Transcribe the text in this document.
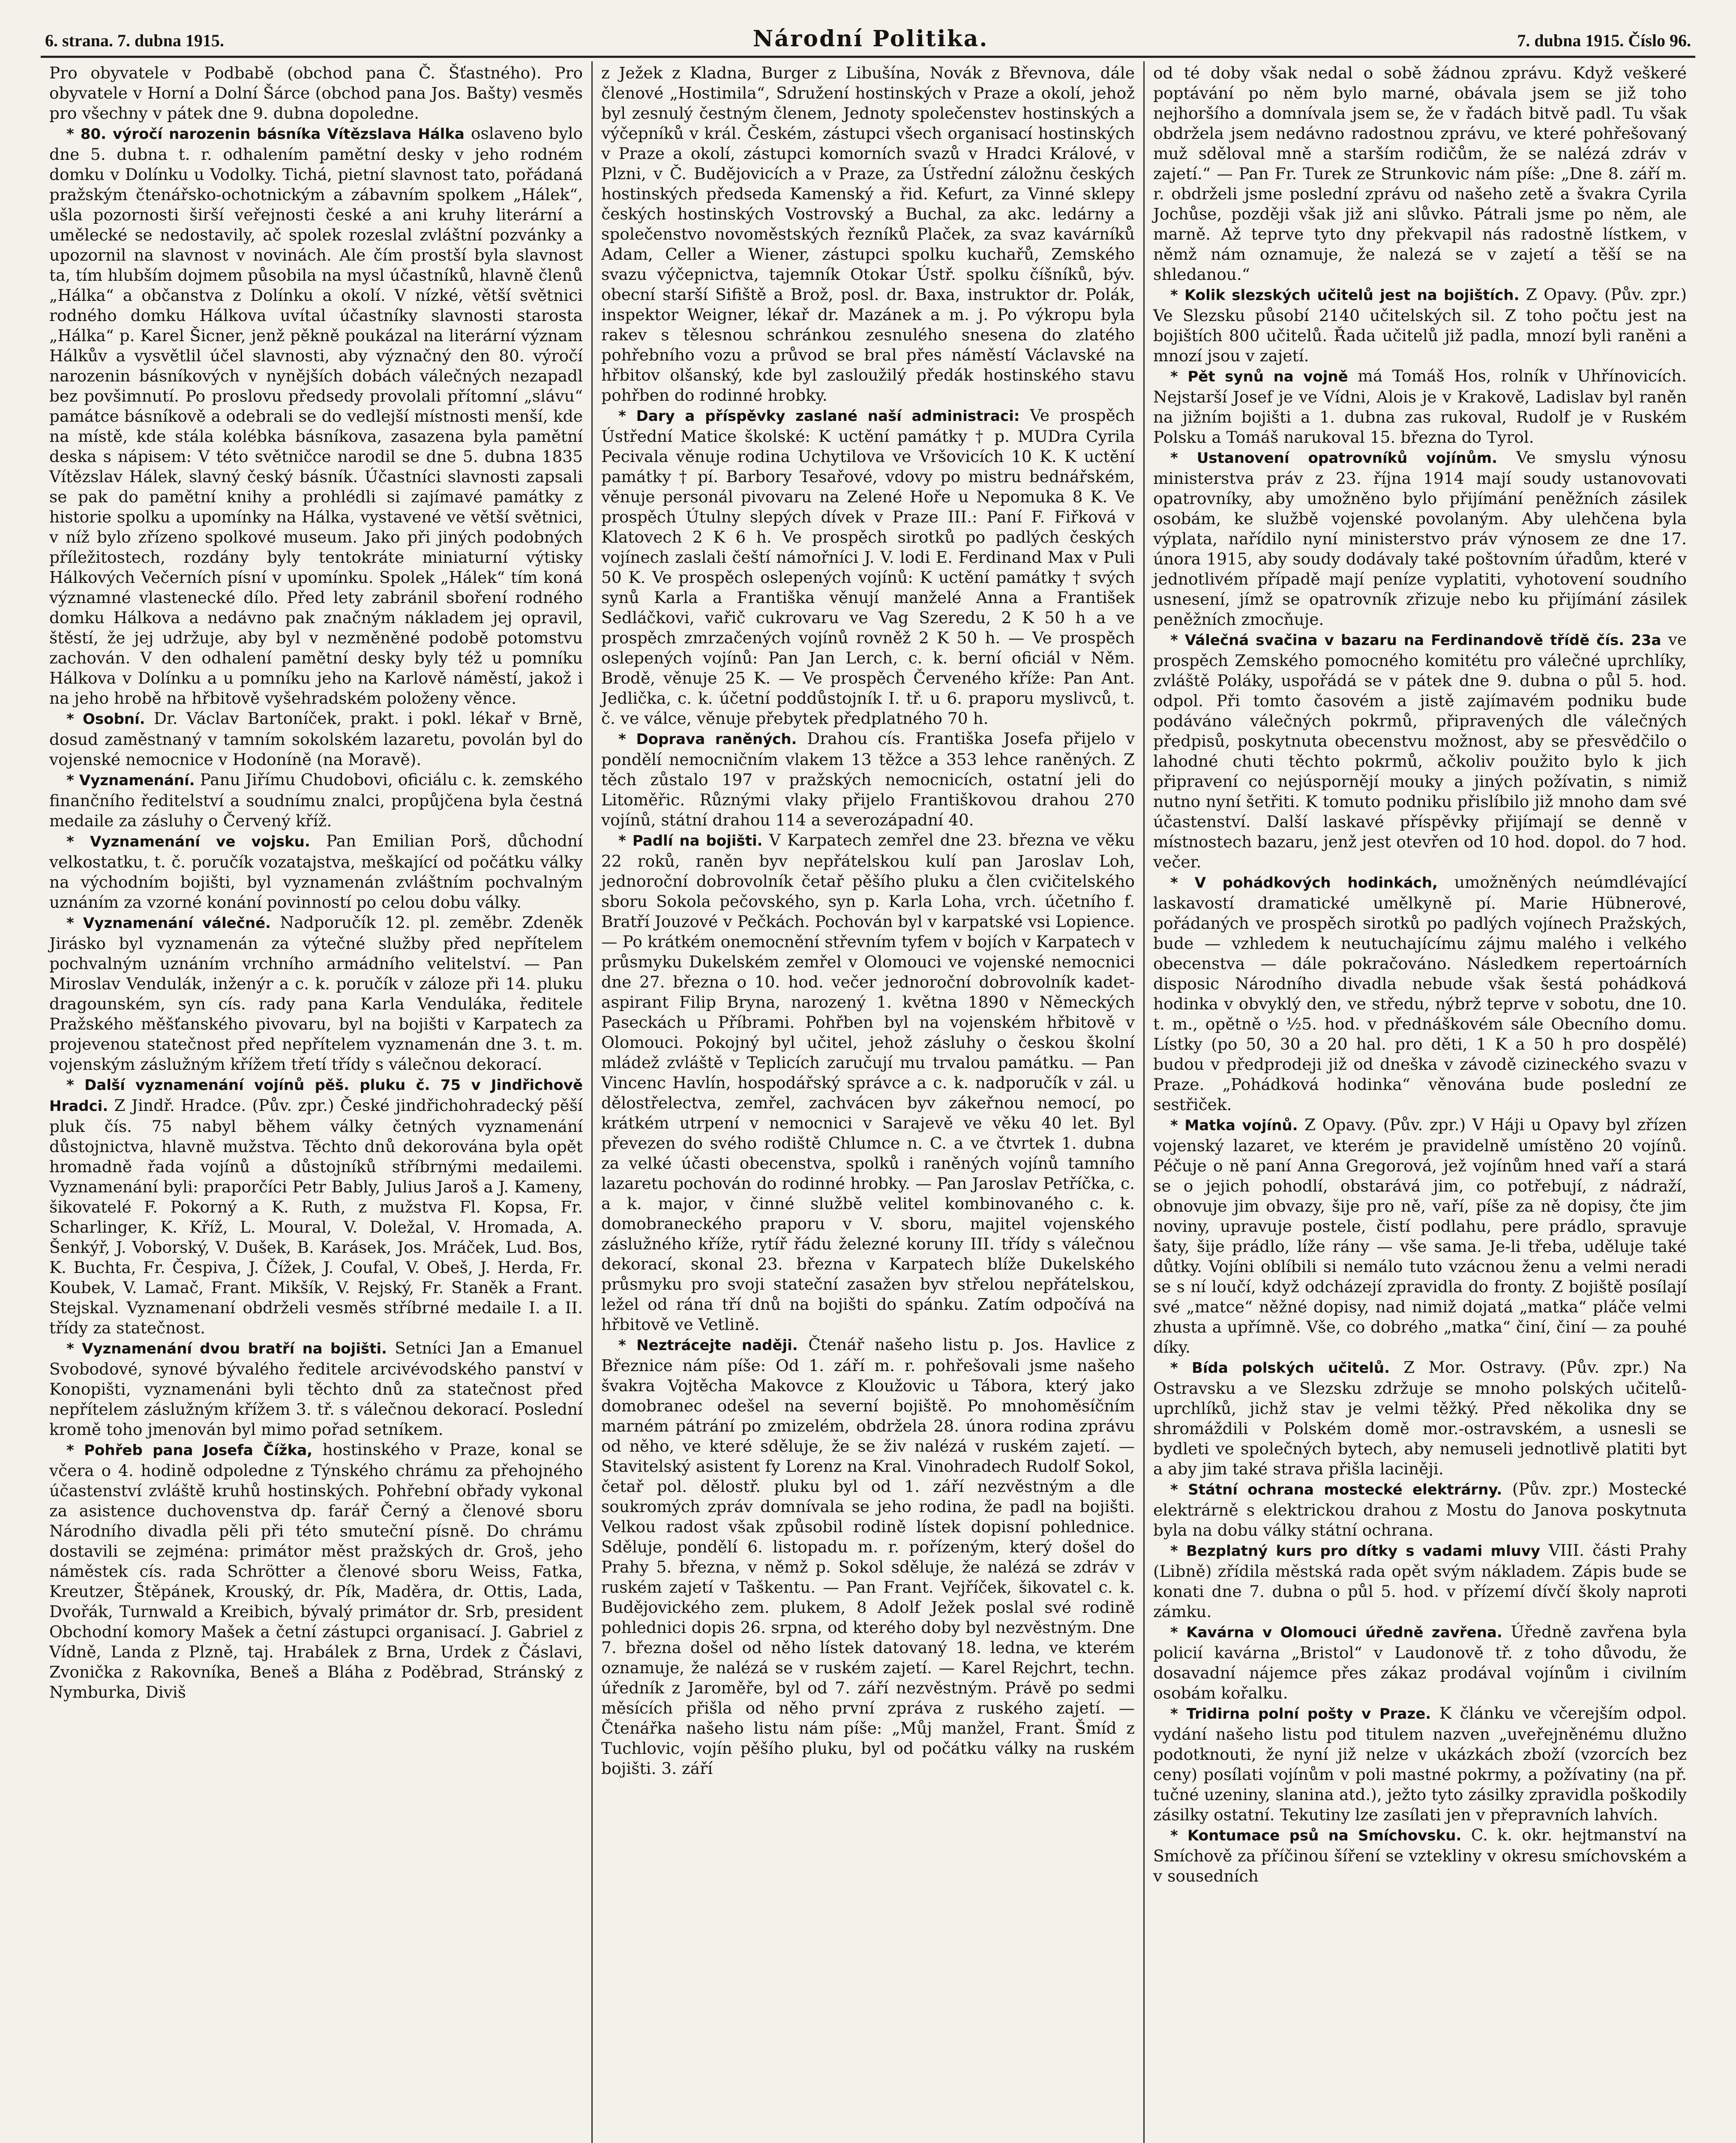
6. strana. 7. dubna 1915.	Národní Politika.	7. dubna 1915. Číslo 96.

Pro obyvatele v Podbabě (obchod pana Č. Šťastného). Pro obyvatele v Horní a Dolní Šárce (obchod pana Jos. Bašty) vesměs pro všechny v pátek dne 9. dubna dopoledne.

* 80. výročí narozenin básníka Vítězslava Hálka oslaveno bylo dne 5. dubna t. r. odhalením pamětní desky v jeho rodném domku v Dolínku u Vodolky. Tichá, pietní slavnost tato, pořádaná pražským čtenářsko-ochotnickým a zábavním spolkem „Hálek“, ušla pozornosti širší veřejnosti české a ani kruhy literární a umělecké se nedostavily, ač spolek rozeslal zvláštní pozvánky a upozornil na slavnost v novinách. Ale čím prostší byla slavnost ta, tím hlubším dojmem působila na mysl účastníků, hlavně členů „Hálka“ a občanstva z Dolínku a okolí. V nízké, větší světnici rodného domku Hálkova uvítal účastníky slavnosti starosta „Hálka“ p. Karel Šicner, jenž pěkně poukázal na literární význam Hálkův a vysvětlil účel slavnosti, aby význačný den 80. výročí narozenin básníkových v nynějších dobách válečných nezapadl bez povšimnutí. Po proslovu předsedy provolali přítomní „slávu“ památce básníkově a odebrali se do vedlejší místnosti menší, kde na místě, kde stála kolébka básníkova, zasazena byla pamětní deska s nápisem: V této světničce narodil se dne 5. dubna 1835 Vítězslav Hálek, slavný český básník. Účastníci slavnosti zapsali se pak do pamětní knihy a prohlédli si zajímavé památky z historie spolku a upomínky na Hálka, vystavené ve větší světnici, v níž bylo zřízeno spolkové museum. Jako při jiných podobných příležitostech, rozdány byly tentokráte miniaturní výtisky Hálkových Večerních písní v upomínku. Spolek „Hálek“ tím koná významné vlastenecké dílo. Před lety zabránil sboření rodného domku Hálkova a nedávno pak značným nákladem jej opravil, štěstí, že jej udržuje, aby byl v nezměněné podobě potomstvu zachován. V den odhalení pamětní desky byly též u pomníku Hálkova v Dolínku a u pomníku jeho na Karlově náměstí, jakož i na jeho hrobě na hřbitově vyšehradském položeny věnce.

* Osobní. Dr. Václav Bartoníček, prakt. i pokl. lékař v Brně, dosud zaměstnaný v tamním sokolském lazaretu, povolán byl do vojenské nemocnice v Hodoníně (na Moravě).

* Vyznamenání. Panu Jiřímu Chudobovi, oficiálu c. k. zemského finančního ředitelství a soudnímu znalci, propůjčena byla čestná medaile za zásluhy o Červený kříž.

* Vyznamenání ve vojsku. Pan Emilian Porš, důchodní velkostatku, t. č. poručík vozatajstva, meškající od počátku války na východním bojišti, byl vyznamenán zvláštním pochvalným uznáním za vzorné konání povinností po celou dobu války.

* Vyznamenání válečné. Nadporučík 12. pl. zeměbr. Zdeněk Jirásko byl vyznamenán za výtečné služby před nepřítelem pochvalným uznáním vrchního armádního velitelství. — Pan Miroslav Vendulák, inženýr a c. k. poručík v záloze při 14. pluku dragounském, syn cís. rady pana Karla Venduláka, ředitele Pražského měšťanského pivovaru, byl na bojišti v Karpatech za projevenou statečnost před nepřítelem vyznamenán dne 3. t. m. vojenským záslužným křížem třetí třídy s válečnou dekorací.

* Další vyznamenání vojínů pěš. pluku č. 75 v Jindřichově Hradci. Z Jindř. Hradce. (Pův. zpr.) České jindřichohradecký pěší pluk čís. 75 nabyl během války četných vyznamenání důstojnictva, hlavně mužstva. Těchto dnů dekorována byla opět hromadně řada vojínů a důstojníků stříbrnými medailemi. Vyznamenání byli: praporčíci Petr Bably, Julius Jaroš a J. Kameny, šikovatelé F. Pokorný a K. Ruth, z mužstva Fl. Kopsa, Fr. Scharlinger, K. Kříž, L. Moural, V. Doležal, V. Hromada, A. Šenkýř, J. Voborský, V. Dušek, B. Karásek, Jos. Mráček, Lud. Bos, K. Buchta, Fr. Čespiva, J. Čížek, J. Coufal, V. Obeš, J. Herda, Fr. Koubek, V. Lamač, Frant. Mikšík, V. Rejský, Fr. Staněk a Frant. Stejskal. Vyznamenaní obdrželi vesměs stříbrné medaile I. a II. třídy za statečnost.

* Vyznamenání dvou bratří na bojišti. Setníci Jan a Emanuel Svobodové, synové bývalého ředitele arcivévodského panství v Konopišti, vyznamenáni byli těchto dnů za statečnost před nepřítelem záslužným křížem 3. tř. s válečnou dekorací. Poslední kromě toho jmenován byl mimo pořad setníkem.

* Pohřeb pana Josefa Čížka, hostinského v Praze, konal se včera o 4. hodině odpoledne z Týnského chrámu za přehojného účastenství zvláště kruhů hostinských. Pohřební obřady vykonal za asistence duchovenstva dp. farář Černý a členové sboru Národního divadla pěli při této smuteční písně. Do chrámu dostavili se zejména: primátor měst pražských dr. Groš, jeho náměstek cís. rada Schrötter a členové sboru Weiss, Fatka, Kreutzer, Štěpánek, Krouský, dr. Pík, Maděra, dr. Ottis, Lada, Dvořák, Turnwald a Kreibich, bývalý primátor dr. Srb, president Obchodní komory Mašek a četní zástupci organisací. J. Gabriel z Vídně, Landa z Plzně, taj. Hrabálek z Brna, Urdek z Čáslavi, Zvonička z Rakovníka, Beneš a Bláha z Poděbrad, Stránský z Nymburka, Diviš

z Ježek z Kladna, Burger z Libušína, Novák z Břevnova, dále členové „Hostimila“, Sdružení hostinských v Praze a okolí, jehož byl zesnulý čestným členem, Jednoty společenstev hostinských a výčepníků v král. Českém, zástupci všech organisací hostinských v Praze a okolí, zástupci komorních svazů v Hradci Králové, v Plzni, v Č. Budějovicích a v Praze, za Ústřední záložnu českých hostinských předseda Kamenský a řid. Kefurt, za Vinné sklepy českých hostinských Vostrovský a Buchal, za akc. ledárny a společenstvo novoměstských řezníků Plaček, za svaz kavárníků Adam, Celler a Wiener, zástupci spolku kuchařů, Zemského svazu výčepnictva, tajemník Otokar Ústř. spolku číšníků, býv. obecní starší Sifiště a Brož, posl. dr. Baxa, instruktor dr. Polák, inspektor Weigner, lékař dr. Mazánek a m. j. Po výkropu byla rakev s tělesnou schránkou zesnulého snesena do zlatého pohřebního vozu a průvod se bral přes náměstí Václavské na hřbitov olšanský, kde byl zasloužilý předák hostinského stavu pohřben do rodinné hrobky.

* Dary a příspěvky zaslané naší administraci: Ve prospěch Ústřední Matice školské: K uctění památky † p. MUDra Cyrila Pecivala věnuje rodina Uchytilova ve Vršovicích 10 K. K uctění památky † pí. Barbory Tesařové, vdovy po mistru bednářském, věnuje personál pivovaru na Zelené Hoře u Nepomuka 8 K. Ve prospěch Útulny slepých dívek v Praze III.: Paní F. Fiřková v Klatovech 2 K 6 h. Ve prospěch sirotků po padlých českých vojínech zaslali čeští námořníci J. V. lodi E. Ferdinand Max v Puli 50 K. Ve prospěch oslepených vojínů: K uctění památky † svých synů Karla a Františka věnují manželé Anna a František Sedláčkovi, vařič cukrovaru ve Vag Szeredu, 2 K 50 h a ve prospěch zmrzačených vojínů rovněž 2 K 50 h. — Ve prospěch oslepených vojínů: Pan Jan Lerch, c. k. berní oficiál v Něm. Brodě, věnuje 25 K. — Ve prospěch Červeného kříže: Pan Ant. Jedlička, c. k. účetní poddůstojník I. tř. u 6. praporu myslivců, t. č. ve válce, věnuje přebytek předplatného 70 h.

* Doprava raněných. Drahou cís. Františka Josefa přijelo v pondělí nemocničním vlakem 13 těžce a 353 lehce raněných. Z těch zůstalo 197 v pražských nemocnicích, ostatní jeli do Litoměřic. Různými vlaky přijelo Františkovou drahou 270 vojínů, státní drahou 114 a severozápadní 40.

* Padlí na bojišti. V Karpatech zemřel dne 23. března ve věku 22 roků, raněn byv nepřátelskou kulí pan Jaroslav Loh, jednoroční dobrovolník četař pěšího pluku a člen cvičitelského sboru Sokola pečovského, syn p. Karla Loha, vrch. účetního f. Bratří Jouzové v Pečkách. Pochován byl v karpatské vsi Lopience. — Po krátkém onemocnění střevním tyfem v bojích v Karpatech v průsmyku Dukelském zemřel v Olomouci ve vojenské nemocnici dne 27. března o 10. hod. večer jednoroční dobrovolník kadet-aspirant Filip Bryna, narozený 1. května 1890 v Německých Paseckách u Příbrami. Pohřben byl na vojenském hřbitově v Olomouci. Pokojný byl učitel, jehož zásluhy o českou školní mládež zvláště v Teplicích zaručují mu trvalou památku. — Pan Vincenc Havlín, hospodářský správce a c. k. nadporučík v zál. u dělostřelectva, zemřel, zachvácen byv zákeřnou nemocí, po krátkém utrpení v nemocnici v Sarajevě ve věku 40 let. Byl převezen do svého rodiště Chlumce n. C. a ve čtvrtek 1. dubna za velké účasti obecenstva, spolků i raněných vojínů tamního lazaretu pochován do rodinné hrobky. — Pan Jaroslav Petříčka, c. a k. major, v činné službě velitel kombinovaného c. k. domobraneckého praporu v V. sboru, majitel vojenského záslužného kříže, rytíř řádu železné koruny III. třídy s válečnou dekorací, skonal 23. března v Karpatech blíže Dukelského průsmyku pro svoji stateční zasažen byv střelou nepřátelskou, ležel od rána tří dnů na bojišti do spánku. Zatím odpočívá na hřbitově ve Vetlině.

* Neztrácejte naději. Čtenář našeho listu p. Jos. Havlice z Březnice nám píše: Od 1. září m. r. pohřešovali jsme našeho švakra Vojtěcha Makovce z Kloužovic u Tábora, který jako domobranec odešel na severní bojiště. Po mnohoměsíčním marném pátrání po zmizelém, obdržela 28. února rodina zprávu od něho, ve které sděluje, že se živ nalézá v ruském zajetí. — Stavitelský asistent fy Lorenz na Kral. Vinohradech Rudolf Sokol, četař pol. dělostř. pluku byl od 1. září nezvěstným a dle soukromých zpráv domnívala se jeho rodina, že padl na bojišti. Velkou radost však způsobil rodině lístek dopisní pohlednice. Sděluje, pondělí 6. listopadu m. r. pořízeným, který došel do Prahy 5. března, v němž p. Sokol sděluje, že nalézá se zdráv v ruském zajetí v Taškentu. — Pan Frant. Vejříček, šikovatel c. k. Budějovického zem. plukem, 8 Adolf Ježek poslal své rodině pohlednici dopis 26. srpna, od kterého doby byl nezvěstným. Dne 7. března došel od něho lístek datovaný 18. ledna, ve kterém oznamuje, že nalézá se v ruském zajetí. — Karel Rejchrt, techn. úředník z Jaroměře, byl od 7. září nezvěstným. Právě po sedmi měsících přišla od něho první zpráva z ruského zajetí. — Čtenářka našeho listu nám píše: „Můj manžel, Frant. Šmíd z Tuchlovic, vojín pěšího pluku, byl od počátku války na ruském bojišti. 3. září

od té doby však nedal o sobě žádnou zprávu. Když veškeré poptávání po něm bylo marné, obávala jsem se již toho nejhoršího a domnívala jsem se, že v řadách bitvě padl. Tu však obdržela jsem nedávno radostnou zprávu, ve které pohřešovaný muž sděloval mně a starším rodičům, že se nalézá zdráv v zajetí.“ — Pan Fr. Turek ze Strunkovic nám píše: „Dne 8. září m. r. obdrželi jsme poslední zprávu od našeho zetě a švakra Cyrila Jochůse, později však již ani slůvko. Pátrali jsme po něm, ale marně. Až teprve tyto dny překvapil nás radostně lístkem, v němž nám oznamuje, že nalezá se v zajetí a těší se na shledanou.“

* Kolik slezských učitelů jest na bojištích. Z Opavy. (Pův. zpr.) Ve Slezsku působí 2140 učitelských sil. Z toho počtu jest na bojištích 800 učitelů. Řada učitelů již padla, mnozí byli raněni a mnozí jsou v zajetí.

* Pět synů na vojně má Tomáš Hos, rolník v Uhřínovicích. Nejstarší Josef je ve Vídni, Alois je v Krakově, Ladislav byl raněn na jižním bojišti a 1. dubna zas rukoval, Rudolf je v Ruském Polsku a Tomáš narukoval 15. března do Tyrol.

* Ustanovení opatrovníků vojínům. Ve smyslu výnosu ministerstva práv z 23. října 1914 mají soudy ustanovovati opatrovníky, aby umožněno bylo přijímání peněžních zásilek osobám, ke službě vojenské povolaným. Aby ulehčena byla výplata, nařídilo nyní ministerstvo práv výnosem ze dne 17. února 1915, aby soudy dodávaly také poštovním úřadům, které v jednotlivém případě mají peníze vyplatiti, vyhotovení soudního usnesení, jímž se opatrovník zřizuje nebo ku přijímání zásilek peněžních zmocňuje.

* Válečná svačina v bazaru na Ferdinandově třídě čís. 23a ve prospěch Zemského pomocného komitétu pro válečné uprchlíky, zvláště Poláky, uspořádá se v pátek dne 9. dubna o půl 5. hod. odpol. Při tomto časovém a jistě zajímavém podniku bude podáváno válečných pokrmů, připravených dle válečných předpisů, poskytnuta obecenstvu možnost, aby se přesvědčilo o lahodné chuti těchto pokrmů, ačkoliv použito bylo k jich připravení co nejúspornějí mouky a jiných požívatin, s nimiž nutno nyní šetřiti. K tomuto podniku přislíbilo již mnoho dam své účastenství. Další laskavé příspěvky přijímají se denně v místnostech bazaru, jenž jest otevřen od 10 hod. dopol. do 7 hod. večer.

* V pohádkových hodinkách, umožněných neúmdlévající laskavostí dramatické umělkyně pí. Marie Hübnerové, pořádaných ve prospěch sirotků po padlých vojínech Pražských, bude — vzhledem k neutuchajícímu zájmu malého i velkého obecenstva — dále pokračováno. Následkem repertoárních disposic Národního divadla nebude však šestá pohádková hodinka v obvyklý den, ve středu, nýbrž teprve v sobotu, dne 10. t. m., opětně o ½5. hod. v přednáškovém sále Obecního domu. Lístky (po 50, 30 a 20 hal. pro děti, 1 K a 50 h pro dospělé) budou v předprodeji již od dneška v závodě cizineckého svazu v Praze. „Pohádková hodinka“ věnována bude poslední ze sestřiček.

* Matka vojínů. Z Opavy. (Pův. zpr.) V Háji u Opavy byl zřízen vojenský lazaret, ve kterém je pravidelně umístěno 20 vojínů. Péčuje o ně paní Anna Gregorová, jež vojínům hned vaří a stará se o jejich pohodlí, obstarává jim, co potřebují, z nádraží, obnovuje jim obvazy, šije pro ně, vaří, píše za ně dopisy, čte jim noviny, upravuje postele, čistí podlahu, pere prádlo, spravuje šaty, šije prádlo, líže rány — vše sama. Je-li třeba, uděluje také důtky. Vojíni oblíbili si nemálo tuto vzácnou ženu a velmi neradi se s ní loučí, když odcházejí zpravidla do fronty. Z bojiště posílají své „matce“ něžné dopisy, nad nimiž dojatá „matka“ pláče velmi zhusta a upřímně. Vše, co dobrého „matka“ činí, činí — za pouhé díky.

* Bída polských učitelů. Z Mor. Ostravy. (Pův. zpr.) Na Ostravsku a ve Slezsku zdržuje se mnoho polských učitelů-uprchlíků, jichž stav je velmi těžký. Před několika dny se shromáždili v Polském domě mor.-ostravském, a usnesli se bydleti ve společných bytech, aby nemuseli jednotlivě platiti byt a aby jim také strava přišla laciněji.

* Státní ochrana mostecké elektrárny. (Pův. zpr.) Mostecké elektrárně s elektrickou drahou z Mostu do Janova poskytnuta byla na dobu války státní ochrana.

* Bezplatný kurs pro dítky s vadami mluvy VIII. části Prahy (Libně) zřídila městská rada opět svým nákladem. Zápis bude se konati dne 7. dubna o půl 5. hod. v přízemí dívčí školy naproti zámku.

* Kavárna v Olomouci úředně zavřena. Úředně zavřena byla policií kavárna „Bristol“ v Laudonově tř. z toho důvodu, že dosavadní nájemce přes zákaz prodával vojínům i civilním osobám kořalku.

* Tridirna polní pošty v Praze. K článku ve včerejším odpol. vydání našeho listu pod titulem nazven „uveřejněnému dlužno podotknouti, že nyní již nelze v ukázkách zboží (vzorcích bez ceny) posílati vojínům v poli mastné pokrmy, a požívatiny (na př. tučné uzeniny, slanina atd.), ježto tyto zásilky zpravidla poškodily zásilky ostatní. Tekutiny lze zasílati jen v přepravních lahvích.

* Kontumace psů na Smíchovsku. C. k. okr. hejtmanství na Smíchově za příčinou šíření se vztekliny v okresu smíchovském a v sousedních
